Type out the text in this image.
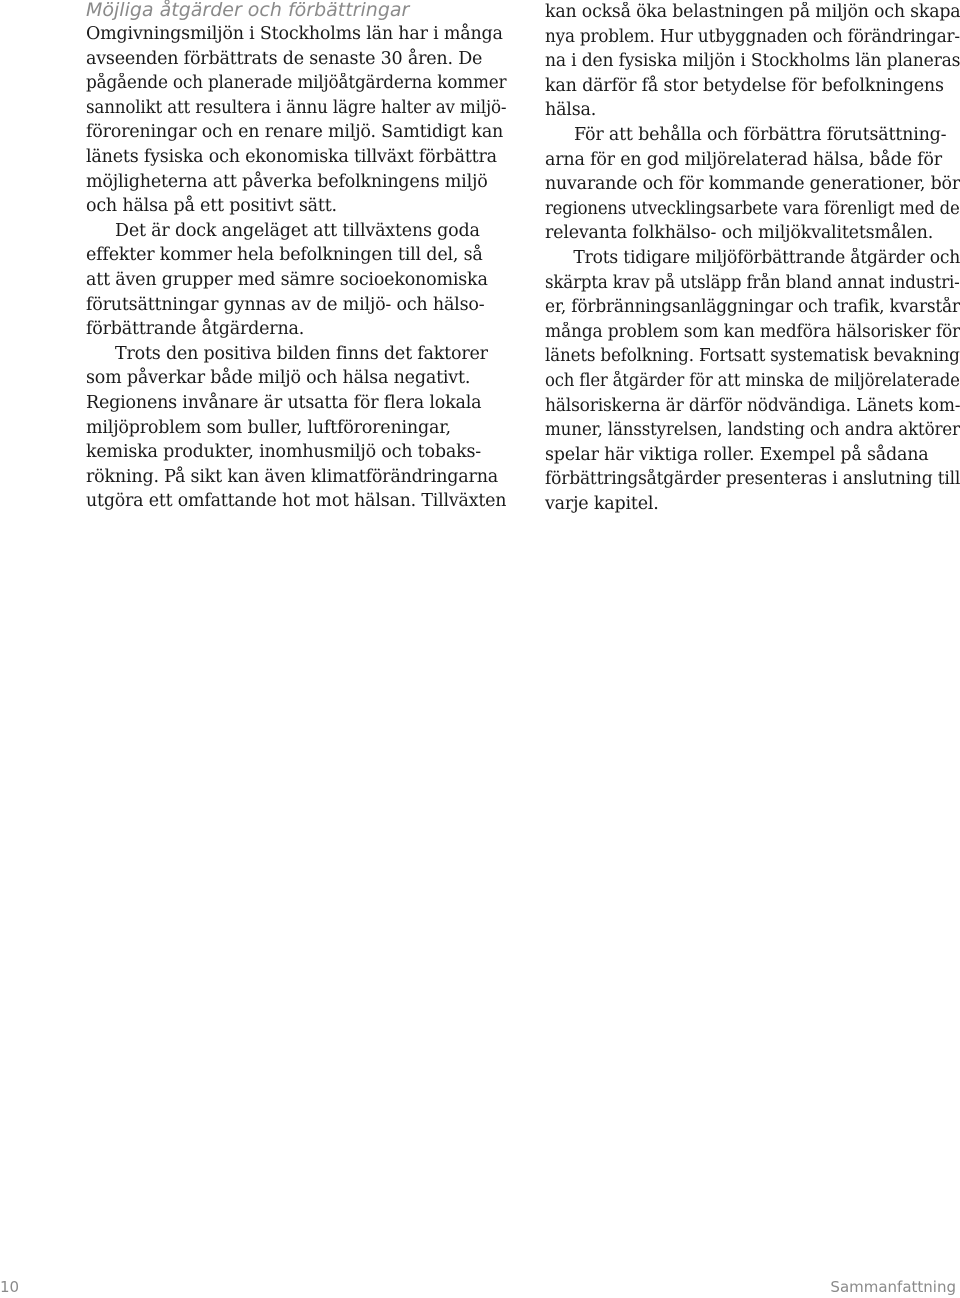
Möjliga åtgärder och förbättringar
Omgivningsmiljön i Stockholms län har i många
avseenden förbättrats de senaste 30 åren. De
pågående och planerade miljöåtgärderna kommer
sannolikt att resultera i ännu lägre halter av miljö-
föroreningar och en renare miljö. Samtidigt kan
länets fysiska och ekonomiska tillväxt förbättra
möjligheterna att påverka befolkningens miljö
och hälsa på ett positivt sätt.
Det är dock angeläget att tillväxtens goda
effekter kommer hela befolkningen till del, så
att även grupper med sämre socioekonomiska
förutsättningar gynnas av de miljö- och hälso-
förbättrande åtgärderna.
Trots den positiva bilden finns det faktorer
som påverkar både miljö och hälsa negativt.
Regionens invånare är utsatta för flera lokala
miljöproblem som buller, luftföroreningar,
kemiska produkter, inomhusmiljö och tobaks-
rökning. På sikt kan även klimatförändringarna
utgöra ett omfattande hot mot hälsan. Tillväxten
kan också öka belastningen på miljön och skapa
nya problem. Hur utbyggnaden och förändringar-
na i den fysiska miljön i Stockholms län planeras
kan därför få stor betydelse för befolkningens
hälsa.
För att behålla och förbättra förutsättning-
arna för en god miljörelaterad hälsa, både för
nuvarande och för kommande generationer, bör
regionens utvecklingsarbete vara förenligt med de
relevanta folkhälso- och miljökvalitetsmålen.
Trots tidigare miljöförbättrande åtgärder och
skärpta krav på utsläpp från bland annat industri-
er, förbränningsanläggningar och trafik, kvarstår
många problem som kan medföra hälsorisker för
länets befolkning. Fortsatt systematisk bevakning
och fler åtgärder för att minska de miljörelaterade
hälsoriskerna är därför nödvändiga. Länets kom-
muner, länsstyrelsen, landsting och andra aktörer
spelar här viktiga roller. Exempel på sådana
förbättringsåtgärder presenteras i anslutning till
varje kapitel.
10	Sammanfattning
